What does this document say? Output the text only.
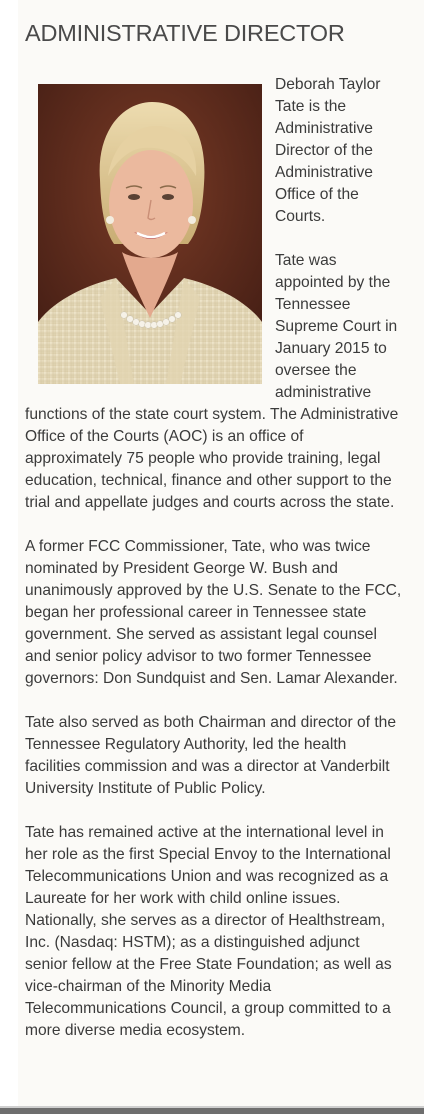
ADMINISTRATIVE DIRECTOR

Deborah Taylor Tate is the Administrative Director of the Administrative Office of the Courts.

Tate was appointed by the Tennessee Supreme Court in January 2015 to oversee the administrative functions of the state court system. The Administrative Office of the Courts (AOC) is an office of approximately 75 people who provide training, legal education, technical, finance and other support to the trial and appellate judges and courts across the state.

A former FCC Commissioner, Tate, who was twice nominated by President George W. Bush and unanimously approved by the U.S. Senate to the FCC, began her professional career in Tennessee state government. She served as assistant legal counsel and senior policy advisor to two former Tennessee governors: Don Sundquist and Sen. Lamar Alexander.

Tate also served as both Chairman and director of the Tennessee Regulatory Authority, led the health facilities commission and was a director at Vanderbilt University Institute of Public Policy.

Tate has remained active at the international level in her role as the first Special Envoy to the International Telecommunications Union and was recognized as a Laureate for her work with child online issues. Nationally, she serves as a director of Healthstream, Inc. (Nasdaq: HSTM); as a distinguished adjunct senior fellow at the Free State Foundation; as well as vice-chairman of the Minority Media Telecommunications Council, a group committed to a more diverse media ecosystem.
